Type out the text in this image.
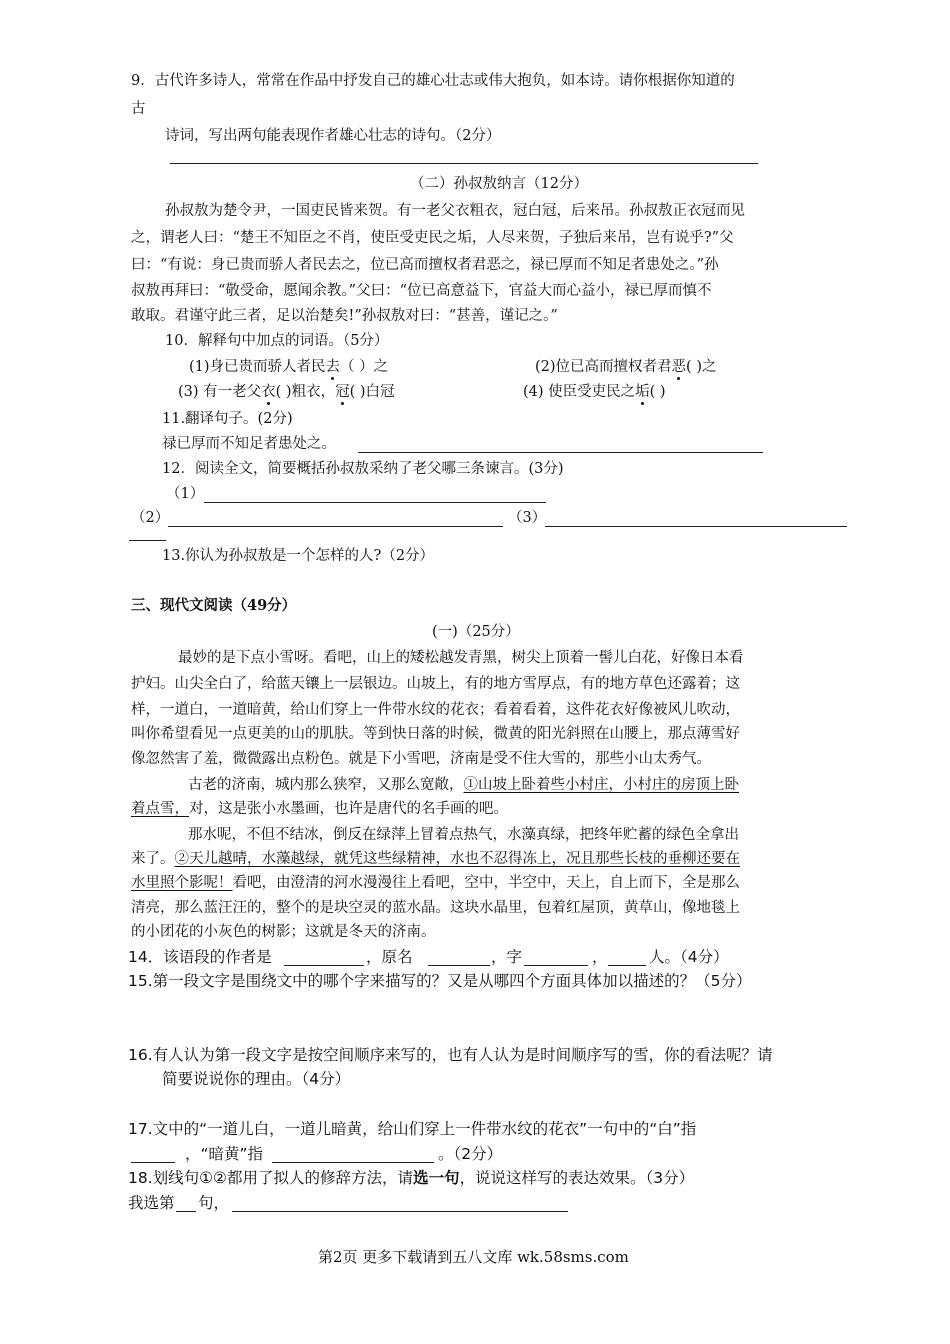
9．古代许多诗人，常常在作品中抒发自己的雄心壮志或伟大抱负，如本诗。请你根据你知道的
古
诗词，写出两句能表现作者雄心壮志的诗句。（2分）
（二）孙叔敖纳言（12分）
孙叔敖为楚令尹，一国吏民皆来贺。有一老父衣粗衣，冠白冠，后来吊。孙叔敖正衣冠而见
之，谓老人曰：“楚王不知臣之不肖，使臣受吏民之垢，人尽来贺，子独后来吊，岂有说乎?”父
曰：“有说：身已贵而骄人者民去之，位已高而擅权者君恶之，禄已厚而不知足者患处之。”孙
叔敖再拜曰：“敬受命，愿闻余教。”父曰：“位已高意益下，官益大而心益小，禄已厚而慎不
敢取。君谨守此三者，足以治楚矣!”孙叔敖对曰：“甚善，谨记之。”
10．解释句中加点的词语。（5分）
(1)身已贵而骄人者民去（ ）之	(2)位已高而擅权者君恶( )之
(3) 有一老父衣( )粗衣，冠( )白冠	(4) 使臣受吏民之垢( )
11.翻译句子。(2分)
禄已厚而不知足者患处之。
12．阅读全文，简要概括孙叔敖采纳了老父哪三条谏言。(3分)
（1）
（2）	（3）
13.你认为孙叔敖是一个怎样的人?（2分）
三、现代文阅读（49分）
(一)（25分）
最妙的是下点小雪呀。看吧，山上的矮松越发青黑，树尖上顶着一髻儿白花，好像日本看
护妇。山尖全白了，给蓝天镶上一层银边。山坡上，有的地方雪厚点，有的地方草色还露着；这
样，一道白，一道暗黄，给山们穿上一件带水纹的花衣；看着看着，这件花衣好像被风儿吹动，
叫你希望看见一点更美的山的肌肤。等到快日落的时候，微黄的阳光斜照在山腰上，那点薄雪好
像忽然害了羞，微微露出点粉色。就是下小雪吧，济南是受不住大雪的，那些小山太秀气。
古老的济南，城内那么狭窄，又那么宽敞，①山坡上卧着些小村庄，小村庄的房顶上卧
着点雪，对，这是张小水墨画，也许是唐代的名手画的吧。
那水呢，不但不结冰，倒反在绿萍上冒着点热气，水藻真绿，把终年贮蓄的绿色全拿出
来了。②天儿越晴，水藻越绿，就凭这些绿精神，水也不忍得冻上，况且那些长枝的垂柳还要在
水里照个影呢！看吧，由澄清的河水漫漫往上看吧，空中，半空中，天上，自上而下，全是那么
清亮，那么蓝汪汪的，整个的是块空灵的蓝水晶。这块水晶里，包着红屋顶，黄草山，像地毯上
的小团花的小灰色的树影；这就是冬天的济南。
14．该语段的作者是	，原名	，字	，	人。（4分）
15.第一段文字是围绕文中的哪个字来描写的？又是从哪四个方面具体加以描述的？（5分）
16.有人认为第一段文字是按空间顺序来写的，也有人认为是时间顺序写的雪，你的看法呢？请
简要说说你的理由。（4分）
17.文中的“一道儿白，一道儿暗黄，给山们穿上一件带水纹的花衣”一句中的“白”指
，“暗黄”指	。（2分）
18.划线句①②都用了拟人的修辞方法，请选一句，说说这样写的表达效果。（3分）
我选第 句，
第2页 更多下载请到五八文库 wk.58sms.com
